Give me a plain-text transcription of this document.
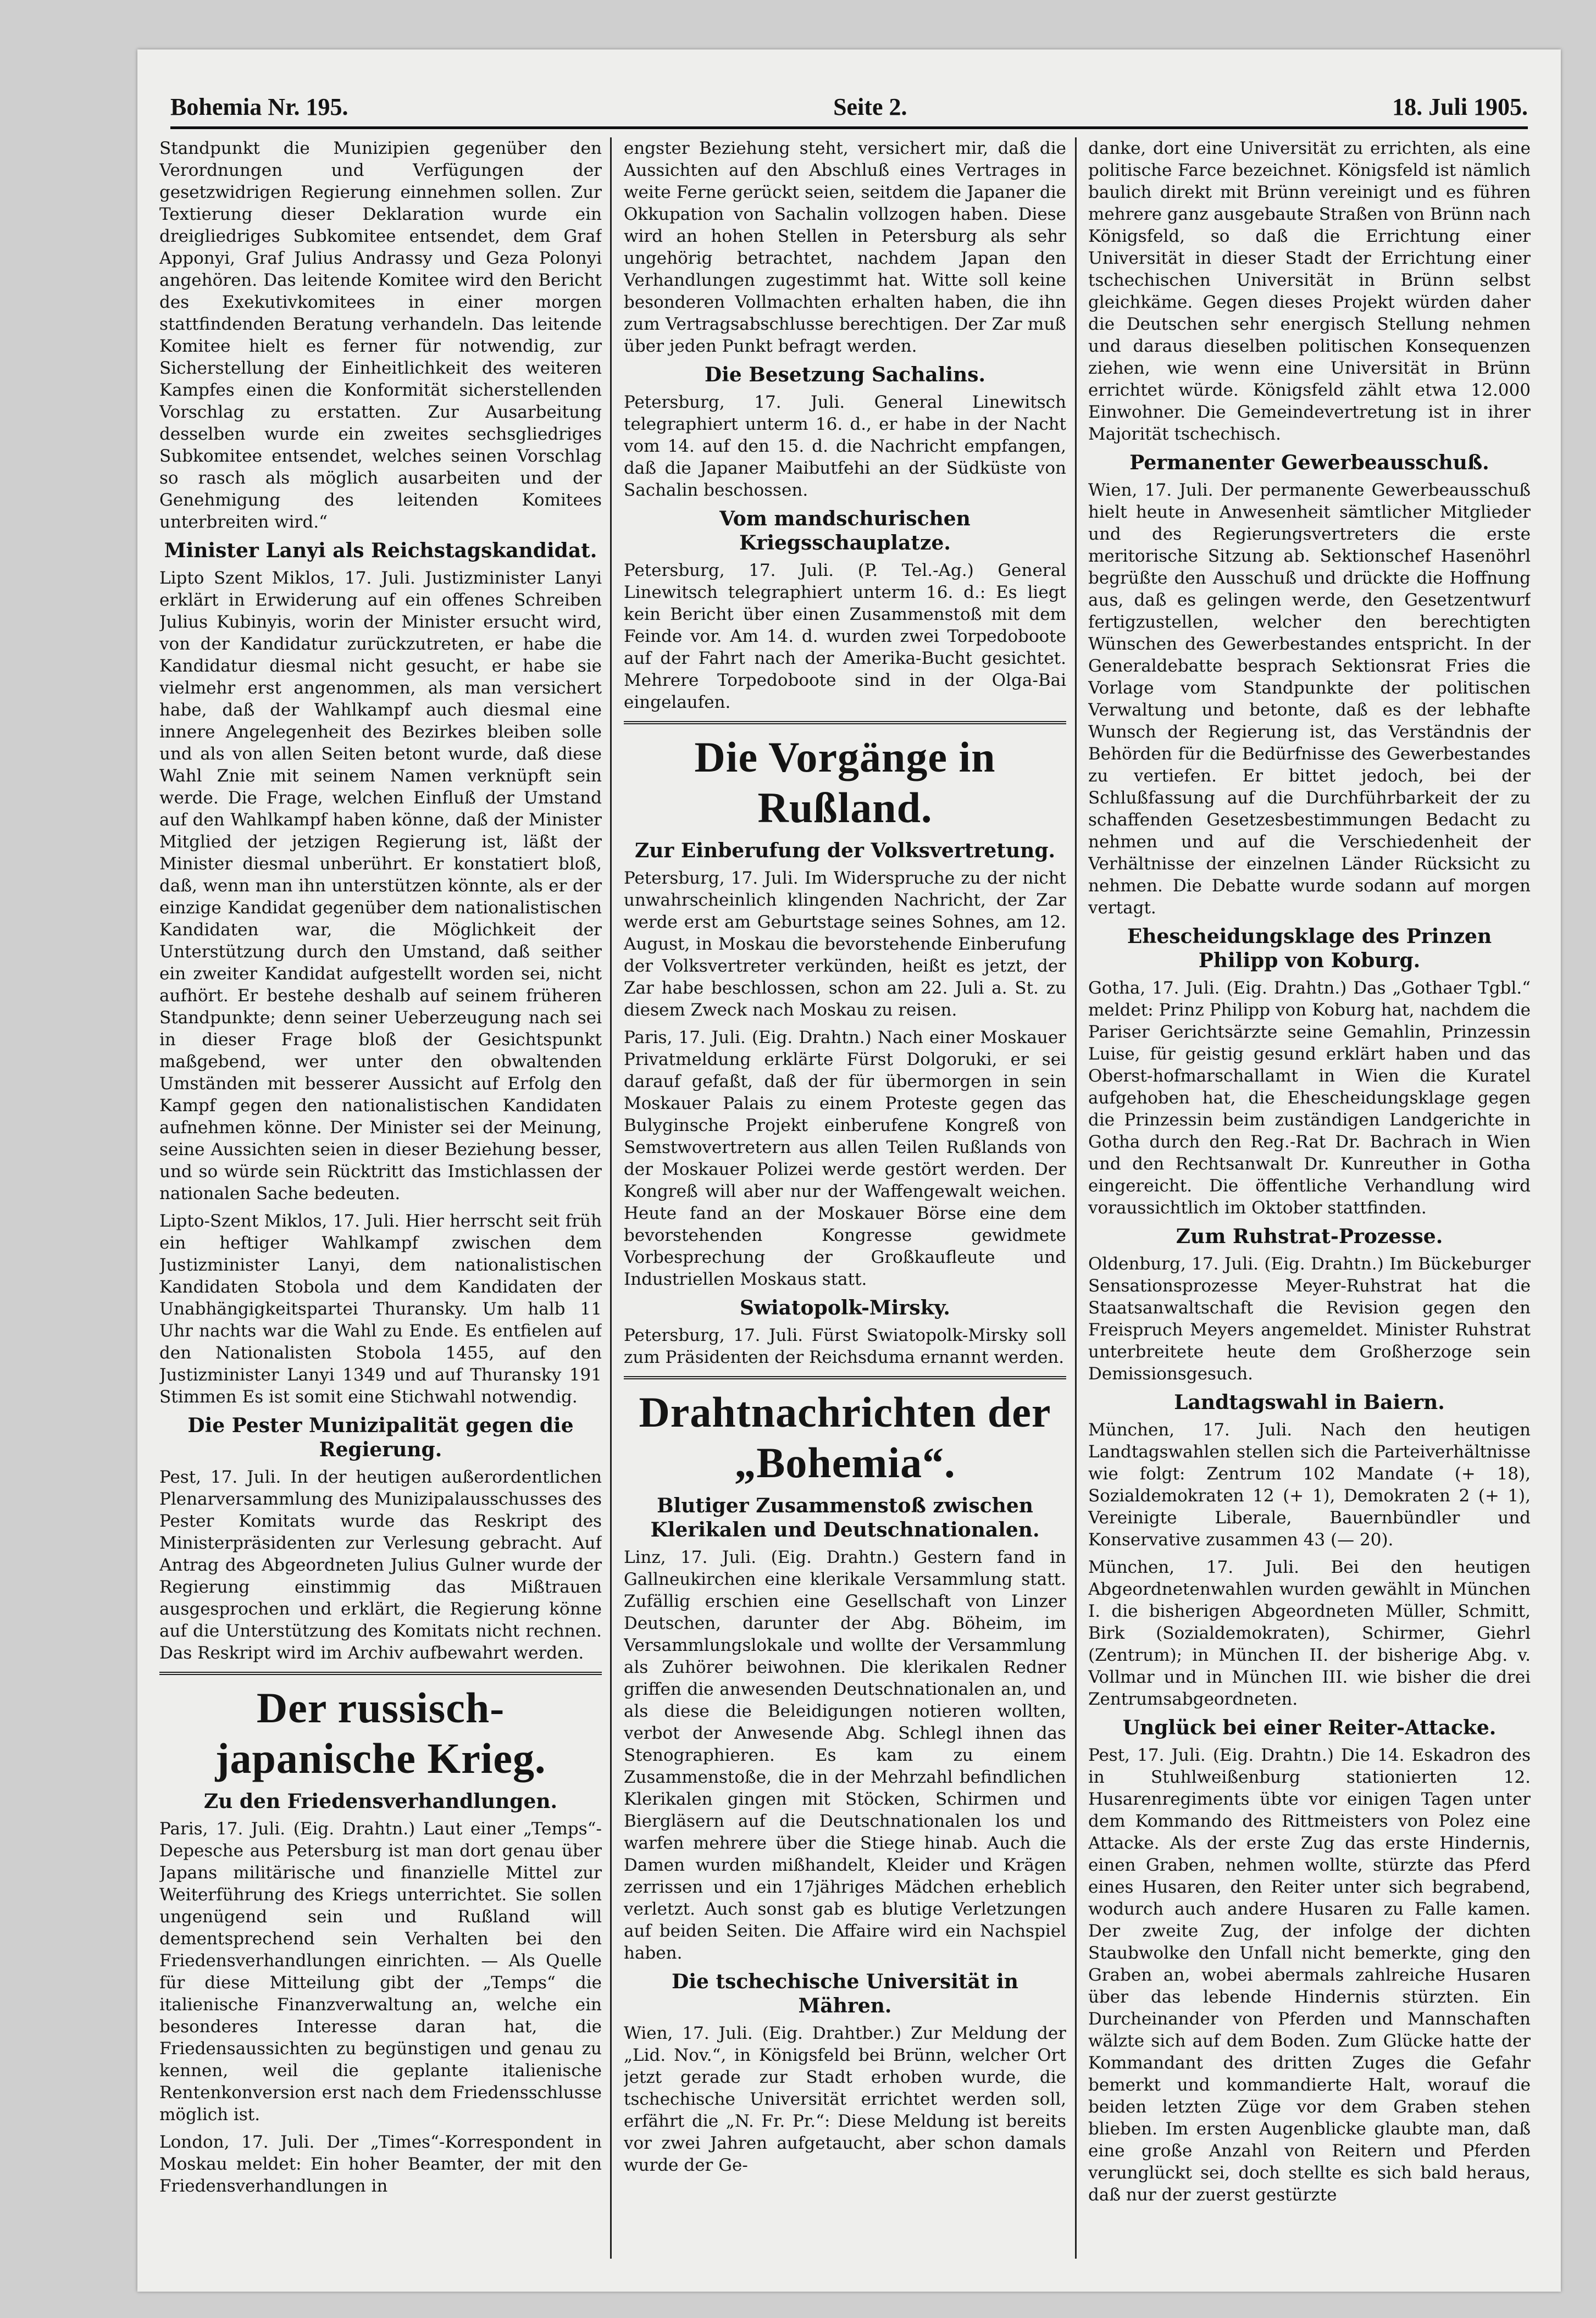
Bohemia Nr. 195.	Seite 2.	18. Juli 1905.

Standpunkt die Munizipien gegenüber den Verordnungen und Verfügungen der gesetzwidrigen Regierung einnehmen sollen. Zur Textierung dieser Deklaration wurde ein dreigliedriges Subkomitee entsendet, dem Graf Apponyi, Graf Julius Andrassy und Geza Polonyi angehören. Das leitende Komitee wird den Bericht des Exekutivkomitees in einer morgen stattfindenden Beratung verhandeln. Das leitende Komitee hielt es ferner für notwendig, zur Sicherstellung der Einheitlichkeit des weiteren Kampfes einen die Konformität sicherstellenden Vorschlag zu erstatten. Zur Ausarbeitung desselben wurde ein zweites sechsgliedriges Subkomitee entsendet, welches seinen Vorschlag so rasch als möglich ausarbeiten und der Genehmigung des leitenden Komitees unterbreiten wird.“

Minister Lanyi als Reichstagskandidat.

Lipto Szent Miklos, 17. Juli. Justizminister Lanyi erklärt in Erwiderung auf ein offenes Schreiben Julius Kubinyis, worin der Minister ersucht wird, von der Kandidatur zurückzutreten, er habe die Kandidatur diesmal nicht gesucht, er habe sie vielmehr erst angenommen, als man versichert habe, daß der Wahlkampf auch diesmal eine innere Angelegenheit des Bezirkes bleiben solle und als von allen Seiten betont wurde, daß diese Wahl Znie mit seinem Namen verknüpft sein werde. Die Frage, welchen Einfluß der Umstand auf den Wahlkampf haben könne, daß der Minister Mitglied der jetzigen Regierung ist, läßt der Minister diesmal unberührt. Er konstatiert bloß, daß, wenn man ihn unterstützen könnte, als er der einzige Kandidat gegenüber dem nationalistischen Kandidaten war, die Möglichkeit der Unterstützung durch den Umstand, daß seither ein zweiter Kandidat aufgestellt worden sei, nicht aufhört. Er bestehe deshalb auf seinem früheren Standpunkte; denn seiner Ueberzeugung nach sei in dieser Frage bloß der Gesichtspunkt maßgebend, wer unter den obwaltenden Umständen mit besserer Aussicht auf Erfolg den Kampf gegen den nationalistischen Kandidaten aufnehmen könne. Der Minister sei der Meinung, seine Aussichten seien in dieser Beziehung besser, und so würde sein Rücktritt das Imstichlassen der nationalen Sache bedeuten.

Lipto-Szent Miklos, 17. Juli. Hier herrscht seit früh ein heftiger Wahlkampf zwischen dem Justizminister Lanyi, dem nationalistischen Kandidaten Stobola und dem Kandidaten der Unabhängigkeitspartei Thuransky. Um halb 11 Uhr nachts war die Wahl zu Ende. Es entfielen auf den Nationalisten Stobola 1455, auf den Justizminister Lanyi 1349 und auf Thuransky 191 Stimmen Es ist somit eine Stichwahl notwendig.

Die Pester Munizipalität gegen die Regierung.

Pest, 17. Juli. In der heutigen außerordentlichen Plenarversammlung des Munizipalausschusses des Pester Komitats wurde das Reskript des Ministerpräsidenten zur Verlesung gebracht. Auf Antrag des Abgeordneten Julius Gulner wurde der Regierung einstimmig das Mißtrauen ausgesprochen und erklärt, die Regierung könne auf die Unterstützung des Komitats nicht rechnen. Das Reskript wird im Archiv aufbewahrt werden.

Der russisch-japanische Krieg.
Zu den Friedensverhandlungen.

Paris, 17. Juli. (Eig. Drahtn.) Laut einer „Temps“-Depesche aus Petersburg ist man dort genau über Japans militärische und finanzielle Mittel zur Weiterführung des Kriegs unterrichtet. Sie sollen ungenügend sein und Rußland will dementsprechend sein Verhalten bei den Friedensverhandlungen einrichten. — Als Quelle für diese Mitteilung gibt der „Temps“ die italienische Finanzverwaltung an, welche ein besonderes Interesse daran hat, die Friedensaussichten zu begünstigen und genau zu kennen, weil die geplante italienische Rentenkonversion erst nach dem Friedensschlusse möglich ist.

London, 17. Juli. Der „Times“-Korrespondent in Moskau meldet: Ein hoher Beamter, der mit den Friedensverhandlungen in

engster Beziehung steht, versichert mir, daß die Aussichten auf den Abschluß eines Vertrages in weite Ferne gerückt seien, seitdem die Japaner die Okkupation von Sachalin vollzogen haben. Diese wird an hohen Stellen in Petersburg als sehr ungehörig betrachtet, nachdem Japan den Verhandlungen zugestimmt hat. Witte soll keine besonderen Vollmachten erhalten haben, die ihn zum Vertragsabschlusse berechtigen. Der Zar muß über jeden Punkt befragt werden.

Die Besetzung Sachalins.

Petersburg, 17. Juli. General Linewitsch telegraphiert unterm 16. d., er habe in der Nacht vom 14. auf den 15. d. die Nachricht empfangen, daß die Japaner Maibutfehi an der Südküste von Sachalin beschossen.

Vom mandschurischen Kriegsschauplatze.

Petersburg, 17. Juli. (P. Tel.-Ag.) General Linewitsch telegraphiert unterm 16. d.: Es liegt kein Bericht über einen Zusammenstoß mit dem Feinde vor. Am 14. d. wurden zwei Torpedoboote auf der Fahrt nach der Amerika-Bucht gesichtet. Mehrere Torpedoboote sind in der Olga-Bai eingelaufen.

Die Vorgänge in Rußland.
Zur Einberufung der Volksvertretung.

Petersburg, 17. Juli. Im Widerspruche zu der nicht unwahrscheinlich klingenden Nachricht, der Zar werde erst am Geburtstage seines Sohnes, am 12. August, in Moskau die bevorstehende Einberufung der Volksvertreter verkünden, heißt es jetzt, der Zar habe beschlossen, schon am 22. Juli a. St. zu diesem Zweck nach Moskau zu reisen.

Paris, 17. Juli. (Eig. Drahtn.) Nach einer Moskauer Privatmeldung erklärte Fürst Dolgoruki, er sei darauf gefaßt, daß der für übermorgen in sein Moskauer Palais zu einem Proteste gegen das Bulyginsche Projekt einberufene Kongreß von Semstwovertretern aus allen Teilen Rußlands von der Moskauer Polizei werde gestört werden. Der Kongreß will aber nur der Waffengewalt weichen. Heute fand an der Moskauer Börse eine dem bevorstehenden Kongresse gewidmete Vorbesprechung der Großkaufleute und Industriellen Moskaus statt.

Swiatopolk-Mirsky.

Petersburg, 17. Juli. Fürst Swiatopolk-Mirsky soll zum Präsidenten der Reichsduma ernannt werden.

Drahtnachrichten der „Bohemia“.
Blutiger Zusammenstoß zwischen Klerikalen und Deutschnationalen.

Linz, 17. Juli. (Eig. Drahtn.) Gestern fand in Gallneukirchen eine klerikale Versammlung statt. Zufällig erschien eine Gesellschaft von Linzer Deutschen, darunter der Abg. Böheim, im Versammlungslokale und wollte der Versammlung als Zuhörer beiwohnen. Die klerikalen Redner griffen die anwesenden Deutschnationalen an, und als diese die Beleidigungen notieren wollten, verbot der Anwesende Abg. Schlegl ihnen das Stenographieren. Es kam zu einem Zusammenstoße, die in der Mehrzahl befindlichen Klerikalen gingen mit Stöcken, Schirmen und Biergläsern auf die Deutschnationalen los und warfen mehrere über die Stiege hinab. Auch die Damen wurden mißhandelt, Kleider und Krägen zerrissen und ein 17jähriges Mädchen erheblich verletzt. Auch sonst gab es blutige Verletzungen auf beiden Seiten. Die Affaire wird ein Nachspiel haben.

Die tschechische Universität in Mähren.

Wien, 17. Juli. (Eig. Drahtber.) Zur Meldung der „Lid. Nov.“, in Königsfeld bei Brünn, welcher Ort jetzt gerade zur Stadt erhoben wurde, die tschechische Universität errichtet werden soll, erfährt die „N. Fr. Pr.“: Diese Meldung ist bereits vor zwei Jahren aufgetaucht, aber schon damals wurde der Ge-

danke, dort eine Universität zu errichten, als eine politische Farce bezeichnet. Königsfeld ist nämlich baulich direkt mit Brünn vereinigt und es führen mehrere ganz ausgebaute Straßen von Brünn nach Königsfeld, so daß die Errichtung einer Universität in dieser Stadt der Errichtung einer tschechischen Universität in Brünn selbst gleichkäme. Gegen dieses Projekt würden daher die Deutschen sehr energisch Stellung nehmen und daraus dieselben politischen Konsequenzen ziehen, wie wenn eine Universität in Brünn errichtet würde. Königsfeld zählt etwa 12.000 Einwohner. Die Gemeindevertretung ist in ihrer Majorität tschechisch.

Permanenter Gewerbeausschuß.

Wien, 17. Juli. Der permanente Gewerbeausschuß hielt heute in Anwesenheit sämtlicher Mitglieder und des Regierungsvertreters die erste meritorische Sitzung ab. Sektionschef Hasenöhrl begrüßte den Ausschuß und drückte die Hoffnung aus, daß es gelingen werde, den Gesetzentwurf fertigzustellen, welcher den berechtigten Wünschen des Gewerbestandes entspricht. In der Generaldebatte besprach Sektionsrat Fries die Vorlage vom Standpunkte der politischen Verwaltung und betonte, daß es der lebhafte Wunsch der Regierung ist, das Verständnis der Behörden für die Bedürfnisse des Gewerbestandes zu vertiefen. Er bittet jedoch, bei der Schlußfassung auf die Durchführbarkeit der zu schaffenden Gesetzesbestimmungen Bedacht zu nehmen und auf die Verschiedenheit der Verhältnisse der einzelnen Länder Rücksicht zu nehmen. Die Debatte wurde sodann auf morgen vertagt.

Ehescheidungsklage des Prinzen Philipp von Koburg.

Gotha, 17. Juli. (Eig. Drahtn.) Das „Gothaer Tgbl.“ meldet: Prinz Philipp von Koburg hat, nachdem die Pariser Gerichtsärzte seine Gemahlin, Prinzessin Luise, für geistig gesund erklärt haben und das Oberst-hofmarschallamt in Wien die Kuratel aufgehoben hat, die Ehescheidungsklage gegen die Prinzessin beim zuständigen Landgerichte in Gotha durch den Reg.-Rat Dr. Bachrach in Wien und den Rechtsanwalt Dr. Kunreuther in Gotha eingereicht. Die öffentliche Verhandlung wird voraussichtlich im Oktober stattfinden.

Zum Ruhstrat-Prozesse.

Oldenburg, 17. Juli. (Eig. Drahtn.) Im Bückeburger Sensationsprozesse Meyer-Ruhstrat hat die Staatsanwaltschaft die Revision gegen den Freispruch Meyers angemeldet. Minister Ruhstrat unterbreitete heute dem Großherzoge sein Demissionsgesuch.

Landtagswahl in Baiern.

München, 17. Juli. Nach den heutigen Landtagswahlen stellen sich die Parteiverhältnisse wie folgt: Zentrum 102 Mandate (+ 18), Sozialdemokraten 12 (+ 1), Demokraten 2 (+ 1), Vereinigte Liberale, Bauernbündler und Konservative zusammen 43 (— 20).

München, 17. Juli. Bei den heutigen Abgeordnetenwahlen wurden gewählt in München I. die bisherigen Abgeordneten Müller, Schmitt, Birk (Sozialdemokraten), Schirmer, Giehrl (Zentrum); in München II. der bisherige Abg. v. Vollmar und in München III. wie bisher die drei Zentrumsabgeordneten.

Unglück bei einer Reiter-Attacke.

Pest, 17. Juli. (Eig. Drahtn.) Die 14. Eskadron des in Stuhlweißenburg stationierten 12. Husarenregiments übte vor einigen Tagen unter dem Kommando des Rittmeisters von Polez eine Attacke. Als der erste Zug das erste Hindernis, einen Graben, nehmen wollte, stürzte das Pferd eines Husaren, den Reiter unter sich begrabend, wodurch auch andere Husaren zu Falle kamen. Der zweite Zug, der infolge der dichten Staubwolke den Unfall nicht bemerkte, ging den Graben an, wobei abermals zahlreiche Husaren über das lebende Hindernis stürzten. Ein Durcheinander von Pferden und Mannschaften wälzte sich auf dem Boden. Zum Glücke hatte der Kommandant des dritten Zuges die Gefahr bemerkt und kommandierte Halt, worauf die beiden letzten Züge vor dem Graben stehen blieben. Im ersten Augenblicke glaubte man, daß eine große Anzahl von Reitern und Pferden verunglückt sei, doch stellte es sich bald heraus, daß nur der zuerst gestürzte
